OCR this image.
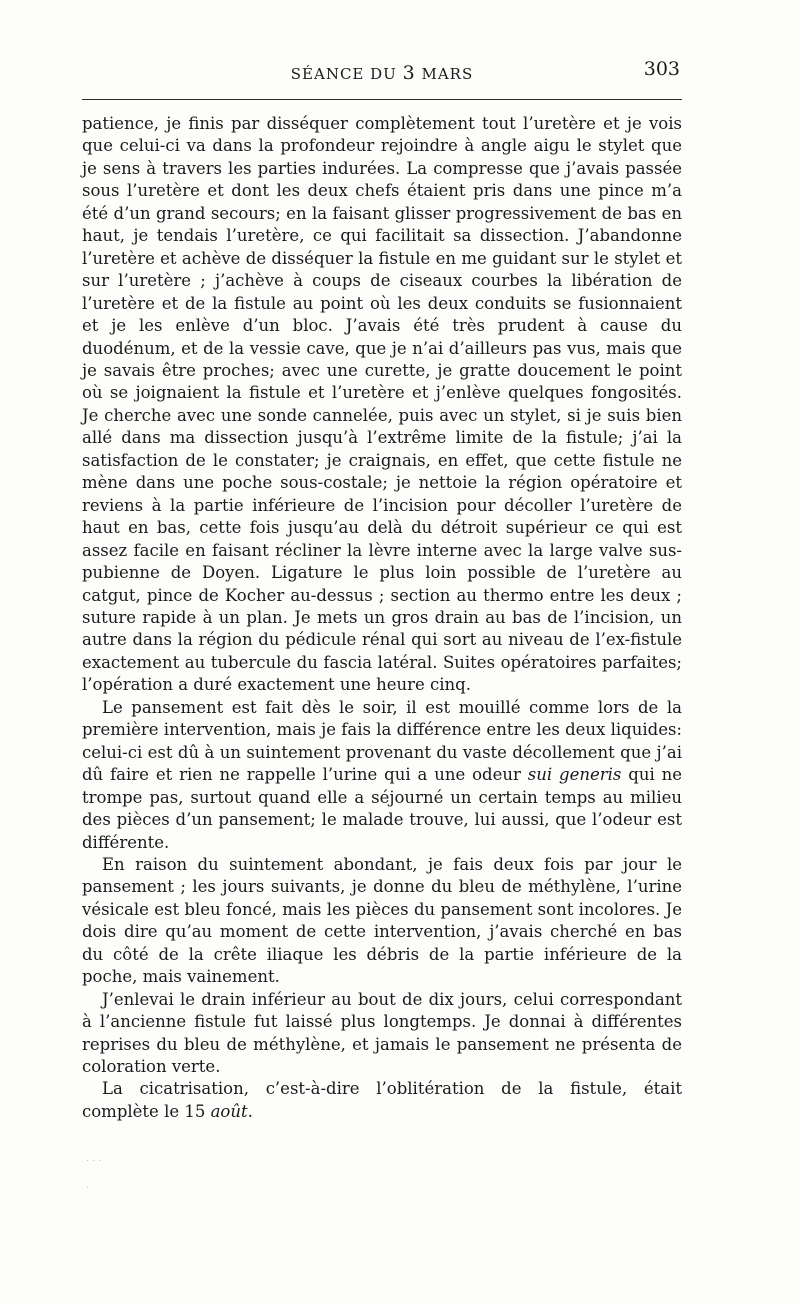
SÉANCE DU 3 MARS	303

patience, je finis par disséquer complètement tout l’uretère et je vois que celui-ci va dans la profondeur rejoindre à angle aigu le stylet que je sens à travers les parties indurées. La compresse que j’avais passée sous l’uretère et dont les deux chefs étaient pris dans une pince m’a été d’un grand secours; en la faisant glisser progressivement de bas en haut, je tendais l’uretère, ce qui facilitait sa dissection. J’abandonne l’uretère et achève de disséquer la fistule en me guidant sur le stylet et sur l’uretère ; j’achève à coups de ciseaux courbes la libération de l’uretère et de la fistule au point où les deux conduits se fusionnaient et je les enlève d’un bloc. J’avais été très prudent à cause du duodénum, et de la vessie cave, que je n’ai d’ailleurs pas vus, mais que je savais être proches; avec une curette, je gratte doucement le point où se joignaient la fistule et l’uretère et j’enlève quelques fongosités. Je cherche avec une sonde cannelée, puis avec un stylet, si je suis bien allé dans ma dissection jusqu’à l’extrême limite de la fistule; j’ai la satisfaction de le constater; je craignais, en effet, que cette fistule ne mène dans une poche sous-costale; je nettoie la région opératoire et reviens à la partie inférieure de l’incision pour décoller l’uretère de haut en bas, cette fois jusqu’au delà du détroit supérieur ce qui est assez facile en faisant récliner la lèvre interne avec la large valve sus-pubienne de Doyen. Ligature le plus loin possible de l’uretère au catgut, pince de Kocher au-dessus ; section au thermo entre les deux ; suture rapide à un plan. Je mets un gros drain au bas de l’incision, un autre dans la région du pédicule rénal qui sort au niveau de l’ex-fistule exactement au tubercule du fascia latéral. Suites opératoires parfaites; l’opération a duré exactement une heure cinq.

Le pansement est fait dès le soir, il est mouillé comme lors de la première intervention, mais je fais la différence entre les deux liquides: celui-ci est dû à un suintement provenant du vaste décollement que j’ai dû faire et rien ne rappelle l’urine qui a une odeur sui generis qui ne trompe pas, surtout quand elle a séjourné un certain temps au milieu des pièces d’un pansement; le malade trouve, lui aussi, que l’odeur est différente.

En raison du suintement abondant, je fais deux fois par jour le pansement ; les jours suivants, je donne du bleu de méthylène, l’urine vésicale est bleu foncé, mais les pièces du pansement sont incolores. Je dois dire qu’au moment de cette intervention, j’avais cherché en bas du côté de la crête iliaque les débris de la partie inférieure de la poche, mais vainement.

J’enlevai le drain inférieur au bout de dix jours, celui correspondant à l’ancienne fistule fut laissé plus longtemps. Je donnai à différentes reprises du bleu de méthylène, et jamais le pansement ne présenta de coloration verte.

La cicatrisation, c’est-à-dire l’oblitération de la fistule, était complète le 15 août.

· · ·
·
